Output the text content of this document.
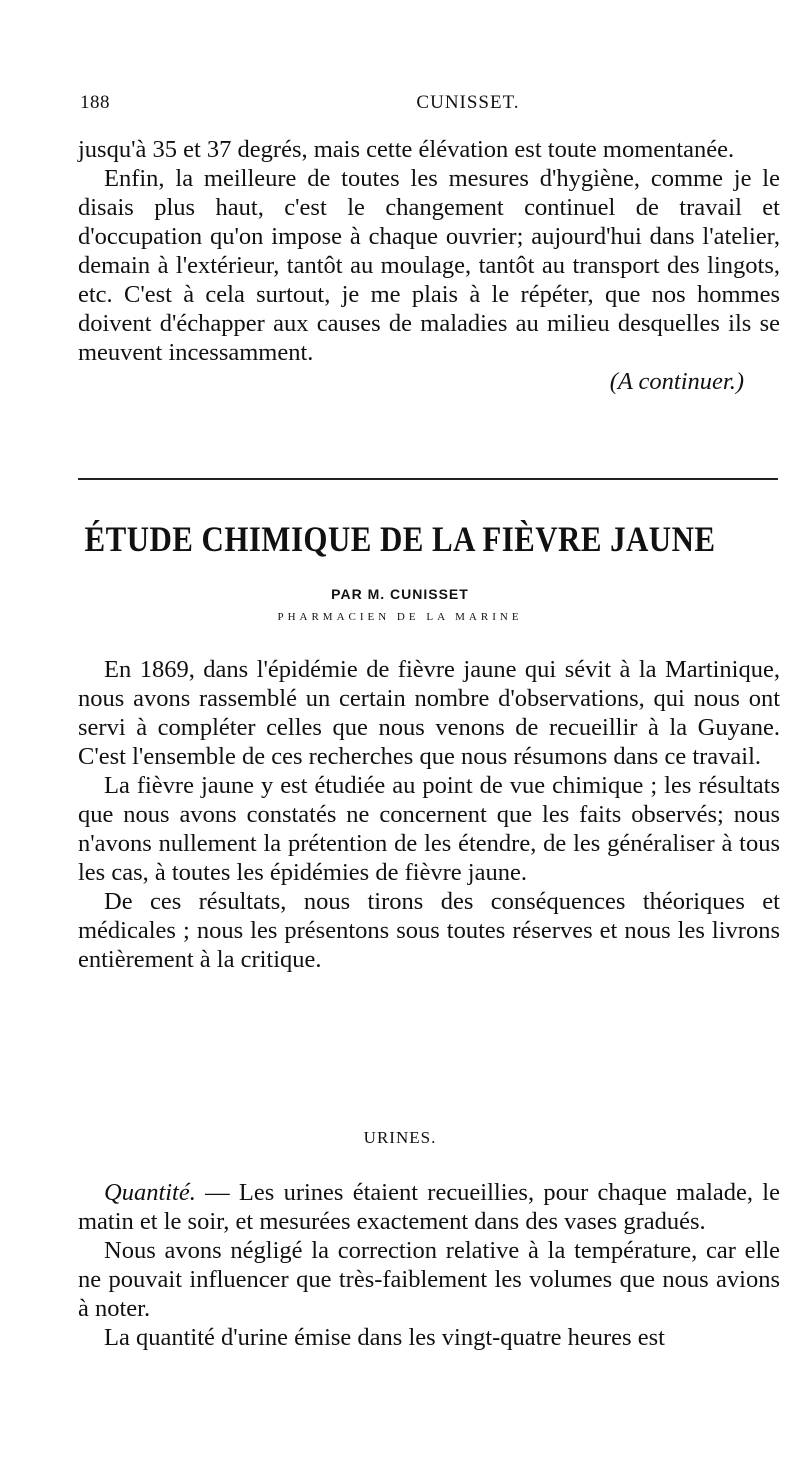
188	CUNISSET.

jusqu'à 35 et 37 degrés, mais cette élévation est toute momentanée.

Enfin, la meilleure de toutes les mesures d'hygiène, comme je le disais plus haut, c'est le changement continuel de travail et d'occupation qu'on impose à chaque ouvrier; aujourd'hui dans l'atelier, demain à l'extérieur, tantôt au moulage, tantôt au transport des lingots, etc. C'est à cela surtout, je me plais à le répéter, que nos hommes doivent d'échapper aux causes de maladies au milieu desquelles ils se meuvent incessamment.

(A continuer.)

ÉTUDE CHIMIQUE DE LA FIÈVRE JAUNE
PAR M. CUNISSET
PHARMACIEN DE LA MARINE

En 1869, dans l'épidémie de fièvre jaune qui sévit à la Martinique, nous avons rassemblé un certain nombre d'observations, qui nous ont servi à compléter celles que nous venons de recueillir à la Guyane. C'est l'ensemble de ces recherches que nous résumons dans ce travail.

La fièvre jaune y est étudiée au point de vue chimique ; les résultats que nous avons constatés ne concernent que les faits observés; nous n'avons nullement la prétention de les étendre, de les généraliser à tous les cas, à toutes les épidémies de fièvre jaune.

De ces résultats, nous tirons des conséquences théoriques et médicales ; nous les présentons sous toutes réserves et nous les livrons entièrement à la critique.

URINES.

Quantité. — Les urines étaient recueillies, pour chaque malade, le matin et le soir, et mesurées exactement dans des vases gradués.

Nous avons négligé la correction relative à la température, car elle ne pouvait influencer que très-faiblement les volumes que nous avions à noter.

La quantité d'urine émise dans les vingt-quatre heures est
